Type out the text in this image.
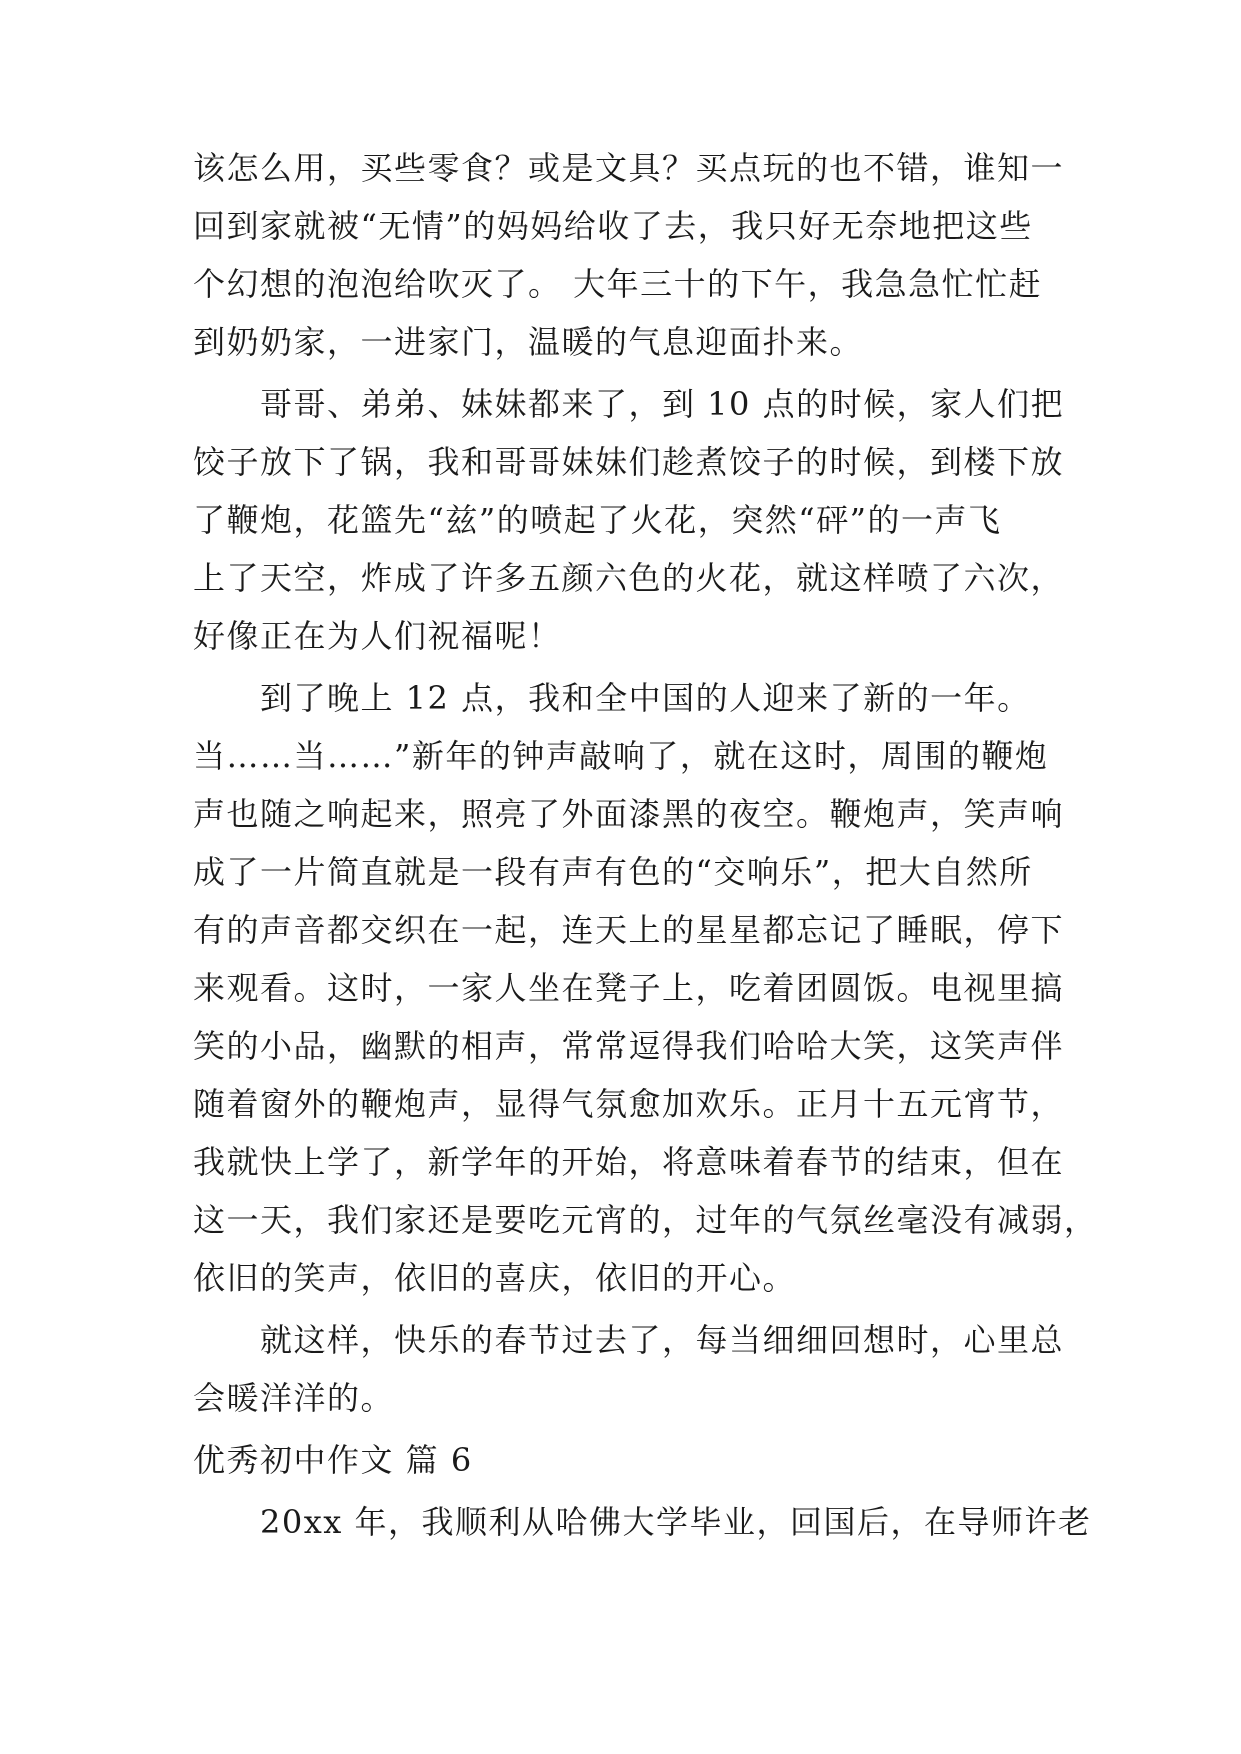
该怎么用，买些零食？或是文具？买点玩的也不错，谁知一
回到家就被“无情”的妈妈给收了去，我只好无奈地把这些
个幻想的泡泡给吹灭了。 大年三十的下午，我急急忙忙赶
到奶奶家，一进家门，温暖的气息迎面扑来。
　　哥哥、弟弟、妹妹都来了，到 10 点的时候，家人们把
饺子放下了锅，我和哥哥妹妹们趁煮饺子的时候，到楼下放
了鞭炮，花篮先“兹”的喷起了火花，突然“砰”的一声飞
上了天空，炸成了许多五颜六色的火花，就这样喷了六次，
好像正在为人们祝福呢！
　　到了晚上 12 点，我和全中国的人迎来了新的一年。
当……当……”新年的钟声敲响了，就在这时，周围的鞭炮
声也随之响起来，照亮了外面漆黑的夜空。鞭炮声，笑声响
成了一片简直就是一段有声有色的“交响乐”，把大自然所
有的声音都交织在一起，连天上的星星都忘记了睡眠，停下
来观看。这时，一家人坐在凳子上，吃着团圆饭。电视里搞
笑的小品，幽默的相声，常常逗得我们哈哈大笑，这笑声伴
随着窗外的鞭炮声，显得气氛愈加欢乐。正月十五元宵节，
我就快上学了，新学年的开始，将意味着春节的结束，但在
这一天，我们家还是要吃元宵的，过年的气氛丝毫没有减弱，
依旧的笑声，依旧的喜庆，依旧的开心。
　　就这样，快乐的春节过去了，每当细细回想时，心里总
会暖洋洋的。
优秀初中作文 篇 6
　　20xx 年，我顺利从哈佛大学毕业，回国后，在导师许老
